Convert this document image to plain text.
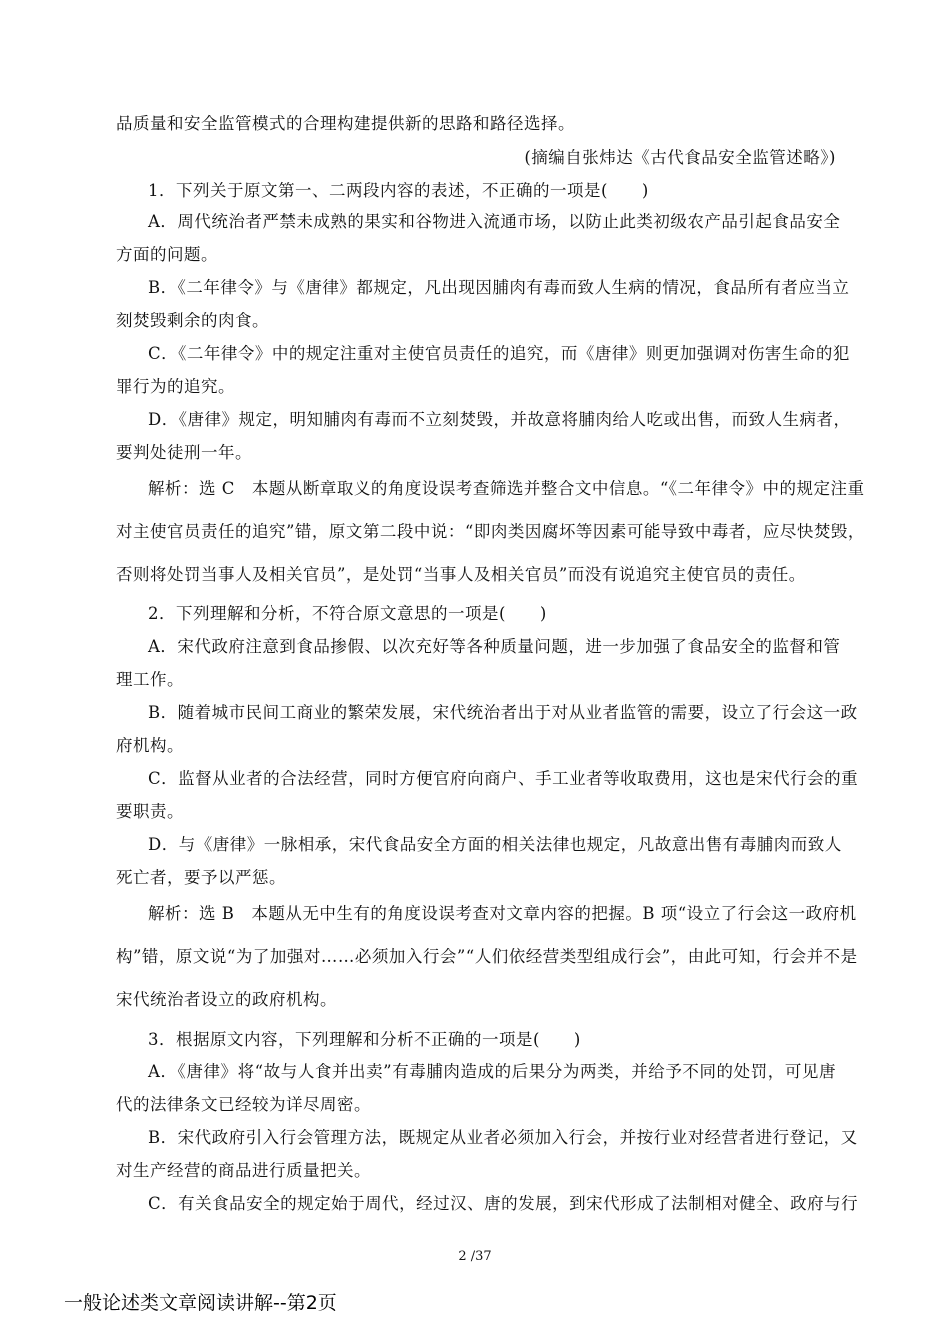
品质量和安全监管模式的合理构建提供新的思路和路径选择。
(摘编自张炜达《古代食品安全监管述略》)
1．下列关于原文第一、二两段内容的表述，不正确的一项是(　　)
A．周代统治者严禁未成熟的果实和谷物进入流通市场，以防止此类初级农产品引起食品安全
方面的问题。
B．《二年律令》与《唐律》都规定，凡出现因脯肉有毒而致人生病的情况，食品所有者应当立
刻焚毁剩余的肉食。
C．《二年律令》中的规定注重对主使官员责任的追究，而《唐律》则更加强调对伤害生命的犯
罪行为的追究。
D．《唐律》规定，明知脯肉有毒而不立刻焚毁，并故意将脯肉给人吃或出售，而致人生病者，
要判处徒刑一年。
解析：选 C　本题从断章取义的角度设误考查筛选并整合文中信息。“《二年律令》中的规定注重
对主使官员责任的追究”错，原文第二段中说：“即肉类因腐坏等因素可能导致中毒者，应尽快焚毁，
否则将处罚当事人及相关官员”，是处罚“当事人及相关官员”而没有说追究主使官员的责任。
2．下列理解和分析，不符合原文意思的一项是(　　)
A．宋代政府注意到食品掺假、以次充好等各种质量问题，进一步加强了食品安全的监督和管
理工作。
B．随着城市民间工商业的繁荣发展，宋代统治者出于对从业者监管的需要，设立了行会这一政
府机构。
C．监督从业者的合法经营，同时方便官府向商户、手工业者等收取费用，这也是宋代行会的重
要职责。
D．与《唐律》一脉相承，宋代食品安全方面的相关法律也规定，凡故意出售有毒脯肉而致人
死亡者，要予以严惩。
解析：选 B　本题从无中生有的角度设误考查对文章内容的把握。B 项“设立了行会这一政府机
构”错，原文说“为了加强对……必须加入行会”“人们依经营类型组成行会”，由此可知，行会并不是
宋代统治者设立的政府机构。
3．根据原文内容，下列理解和分析不正确的一项是(　　)
A．《唐律》将“故与人食并出卖”有毒脯肉造成的后果分为两类，并给予不同的处罚，可见唐
代的法律条文已经较为详尽周密。
B．宋代政府引入行会管理方法，既规定从业者必须加入行会，并按行业对经营者进行登记，又
对生产经营的商品进行质量把关。
C．有关食品安全的规定始于周代，经过汉、唐的发展，到宋代形成了法制相对健全、政府与行
2 /37
一般论述类文章阅读讲解--第2页
